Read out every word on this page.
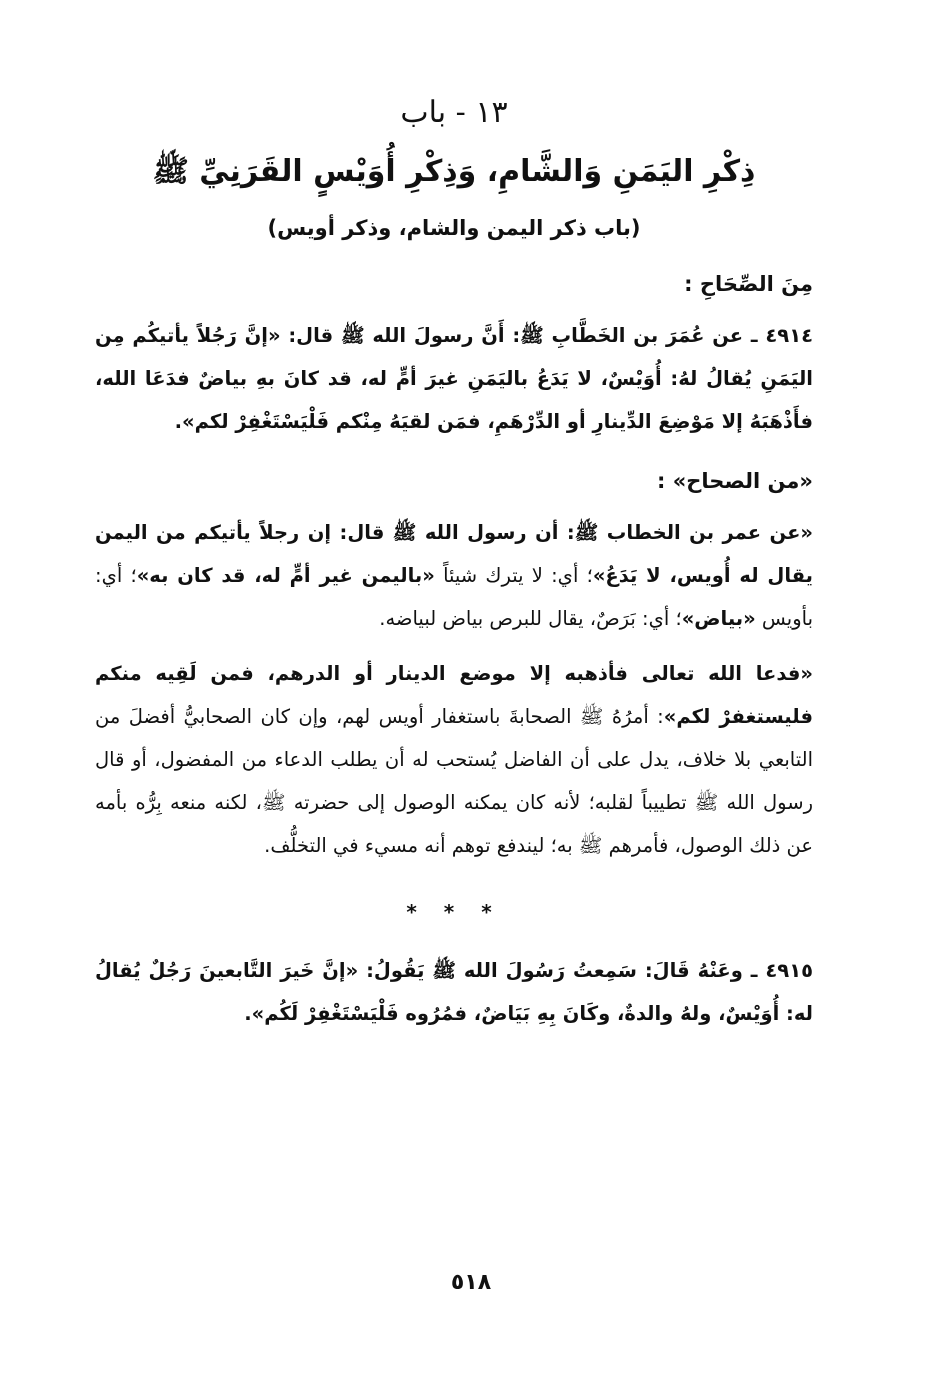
١٣ - باب
ذِكْرِ اليَمَنِ وَالشَّامِ، وَذِكْرِ أُوَيْسٍ القَرَنِيِّ ﷺ
(باب ذكر اليمن والشام، وذكر أويس)
مِنَ الصِّحَاحِ :

٤٩١٤ ـ عن عُمَرَ بن الخَطَّابِ ﷺ: أَنَّ رسولَ الله ﷺ قال: «إنَّ رَجُلاً يأتيكُم مِن اليَمَنِ يُقالُ لهُ: أُوَيْسٌ، لا يَدَعُ باليَمَنِ غيرَ أمٍّ له، قد كانَ بهِ بياضٌ فدَعَا الله، فأَذْهَبَهُ إلا مَوْضِعَ الدِّينارِ أو الدِّرْهَمِ، فمَن لقيَهُ مِنْكم فَلْيَسْتَغْفِرْ لكم».

«من الصحاح» :

«عن عمر بن الخطاب ﷺ: أن رسول الله ﷺ قال: إن رجلاً يأتيكم من اليمن يقال له أُويس، لا يَدَعُ»؛ أي: لا يترك شيئاً «باليمن غير أمٍّ له، قد كان به»؛ أي: بأويس «بياض»؛ أي: بَرَصٌ، يقال للبرص بياض لبياضه.

«فدعا الله تعالى فأذهبه إلا موضع الدينار أو الدرهم، فمن لَقِيه منكم فليستغفرْ لكم»: أمرُهُ ﷺ الصحابةَ باستغفار أويس لهم، وإن كان الصحابيُّ أفضلَ من التابعي بلا خلاف، يدل على أن الفاضل يُستحب له أن يطلب الدعاء من المفضول، أو قال رسول الله ﷺ تطييباً لقلبه؛ لأنه كان يمكنه الوصول إلى حضرته ﷺ، لكنه منعه بِرُّه بأمه عن ذلك الوصول، فأمرهم ﷺ به؛ ليندفع توهم أنه مسيء في التخلُّف.

* * *

٤٩١٥ ـ وعَنْهُ قَالَ: سَمِعتُ رَسُولَ الله ﷺ يَقُولُ: «إنَّ خَيرَ التَّابعينَ رَجُلٌ يُقالُ له: أُوَيْسٌ، ولهُ والدةٌ، وكَانَ بِهِ بَيَاضٌ، فمُرُوه فَلْيَسْتَغْفِرْ لَكُم».

٥١٨
